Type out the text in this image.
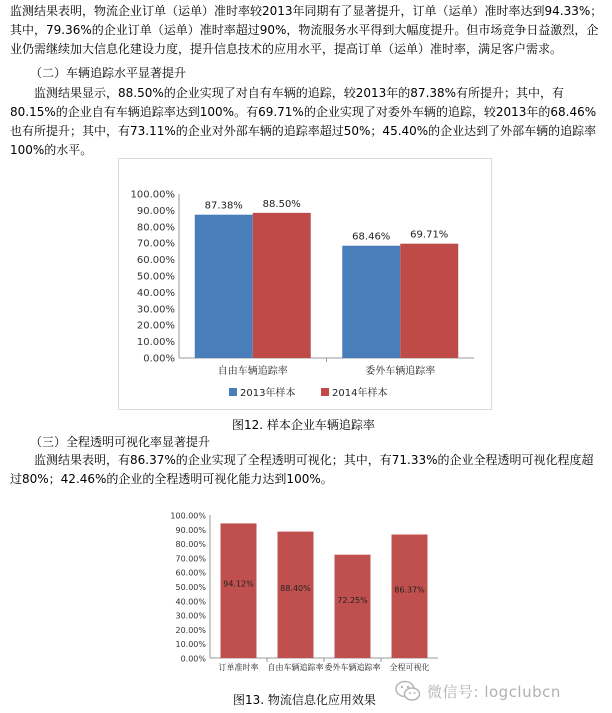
监测结果表明，物流企业订单（运单）准时率较2013年同期有了显著提升，订单（运单）准时率达到94.33%；其中，79.36%的企业订单（运单）准时率超过90%，物流服务水平得到大幅度提升。但市场竞争日益激烈，企业仍需继续加大信息化建设力度，提升信息技术的应用水平，提高订单（运单）准时率，满足客户需求。

（二）车辆追踪水平显著提升

监测结果显示，88.50%的企业实现了对自有车辆的追踪，较2013年的87.38%有所提升；其中，有80.15%的企业自有车辆追踪率达到100%。有69.71%的企业实现了对委外车辆的追踪，较2013年的68.46%也有所提升；其中，有73.11%的企业对外部车辆的追踪率超过50%；45.40%的企业达到了外部车辆的追踪率100%的水平。

0.00%
10.00%
20.00%
30.00%
40.00%
50.00%
60.00%
70.00%
80.00%
90.00%
100.00%
87.38% 88.50%
自由车辆追踪率
68.46% 69.71%
委外车辆追踪率
2013年样本	2014年样本

图12. 样本企业车辆追踪率

（三）全程透明可视化率显著提升

监测结果表明，有86.37%的企业实现了全程透明可视化；其中，有71.33%的企业全程透明可视化程度超过80%；42.46%的企业的全程透明可视化能力达到100%。

0.00%
10.00%
20.00%
30.00%
40.00%
50.00%
60.00%
70.00%
80.00%
90.00%
100.00%
94.12%
订单准时率
88.40%
自由车辆追踪率
72.25%
委外车辆追踪率
86.37%
全程可视化

图13. 物流信息化应用效果	微信号: logclubcn
